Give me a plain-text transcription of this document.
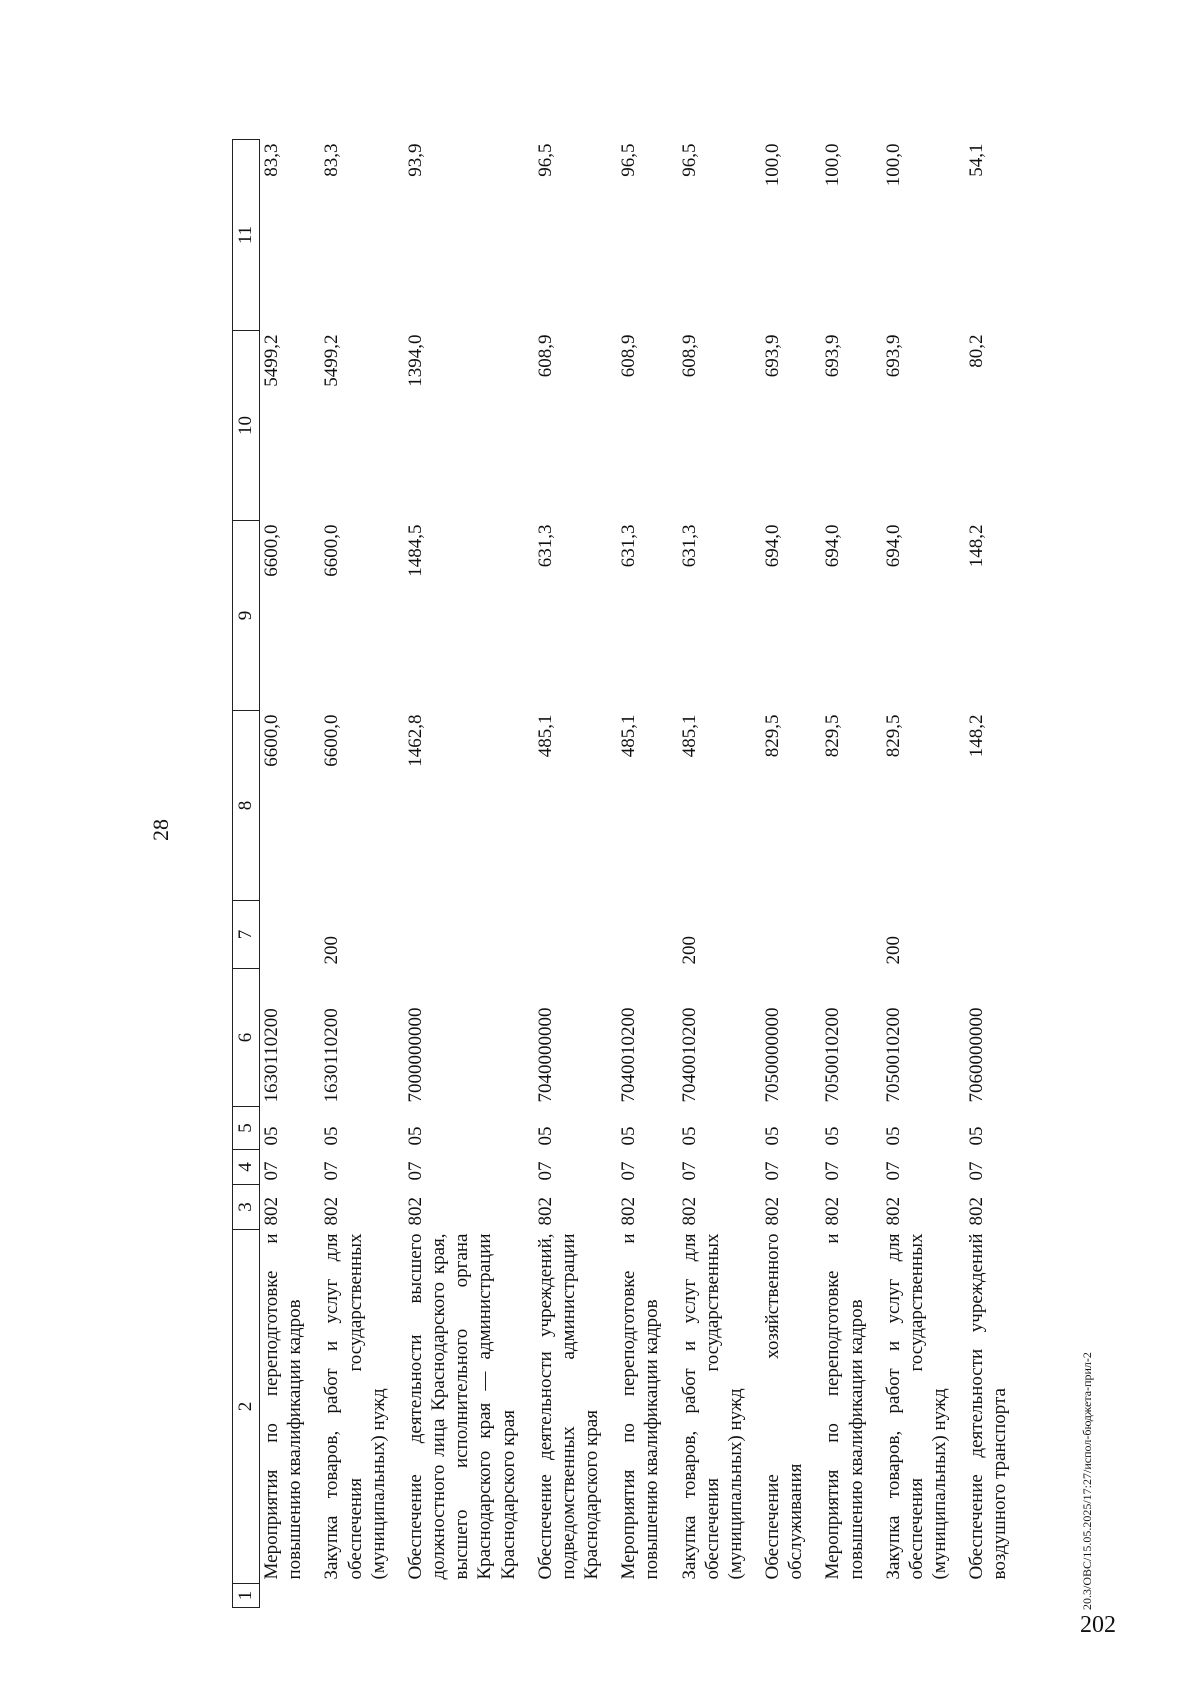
28
1	2	3	4	5	6	7	8	9	10	11
	Мероприятия по переподготовке и повышению квалификации кадров	802	07	05	1630110200		6600,0	6600,0	5499,2	83,3
	Закупка товаров, работ и услуг для обеспечения государственных (муниципальных) нужд	802	07	05	1630110200	200	6600,0	6600,0	5499,2	83,3
	Обеспечение деятельности высшего должностного лица Краснодарского края, высшего исполнительного органа Краснодарского края — администрации Краснодарского края	802	07	05	7000000000		1462,8	1484,5	1394,0	93,9
	Обеспечение деятельности учреждений, подведомственных администрации Краснодарского края	802	07	05	7040000000		485,1	631,3	608,9	96,5
	Мероприятия по переподготовке и повышению квалификации кадров	802	07	05	7040010200		485,1	631,3	608,9	96,5
	Закупка товаров, работ и услуг для обеспечения государственных (муниципальных) нужд	802	07	05	7040010200	200	485,1	631,3	608,9	96,5
	Обеспечение хозяйственного обслуживания	802	07	05	7050000000		829,5	694,0	693,9	100,0
	Мероприятия по переподготовке и повышению квалификации кадров	802	07	05	7050010200		829,5	694,0	693,9	100,0
	Закупка товаров, работ и услуг для обеспечения государственных (муниципальных) нужд	802	07	05	7050010200	200	829,5	694,0	693,9	100,0
	Обеспечение деятельности учреждений воздушного транспорта	802	07	05	7060000000		148,2	148,2	80,2	54,1
20.3/ОВС/15.05.2025/17:27/испол-бюджета-прил-2
202
